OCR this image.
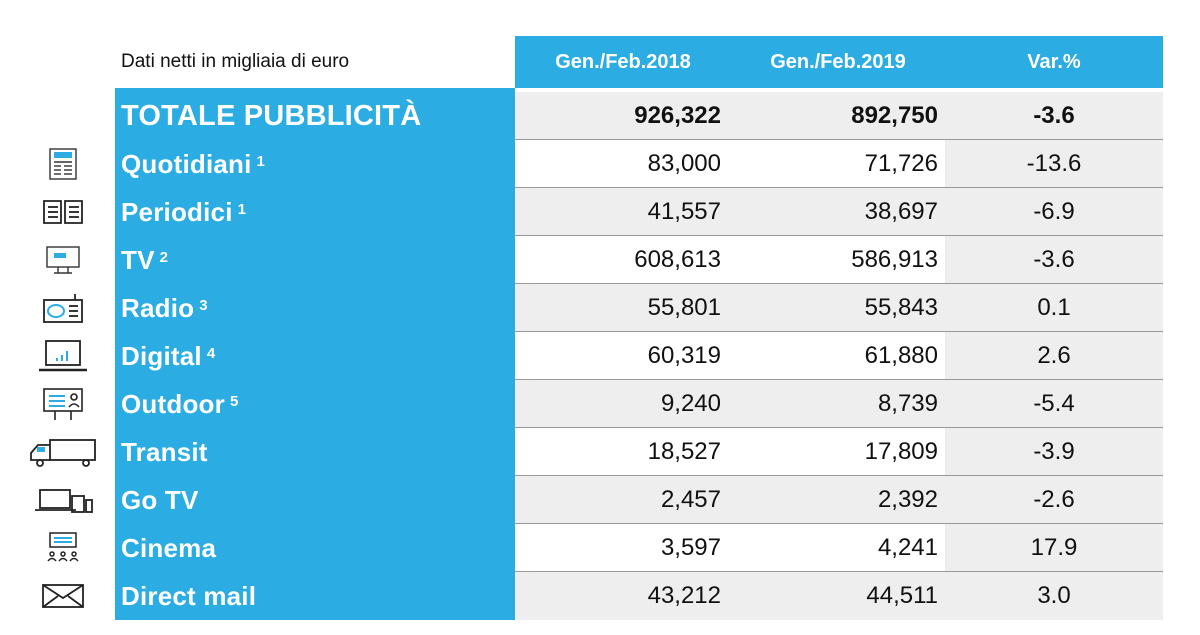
Dati netti in migliaia di euro	Gen./Feb.2018	Gen./Feb.2019	Var.%
TOTALE PUBBLICITÀ	926,322	892,750	-3.6
Quotidiani $^1$	83,000	71,726	-13.6
Periodici $^1$	41,557	38,697	-6.9
TV $^2$	608,613	586,913	-3.6
Radio $^3$	55,801	55,843	0.1
Digital $^4$	60,319	61,880	2.6
Outdoor $^5$	9,240	8,739	-5.4
Transit	18,527	17,809	-3.9
Go TV	2,457	2,392	-2.6
Cinema	3,597	4,241	17.9
Direct mail	43,212	44,511	3.0
